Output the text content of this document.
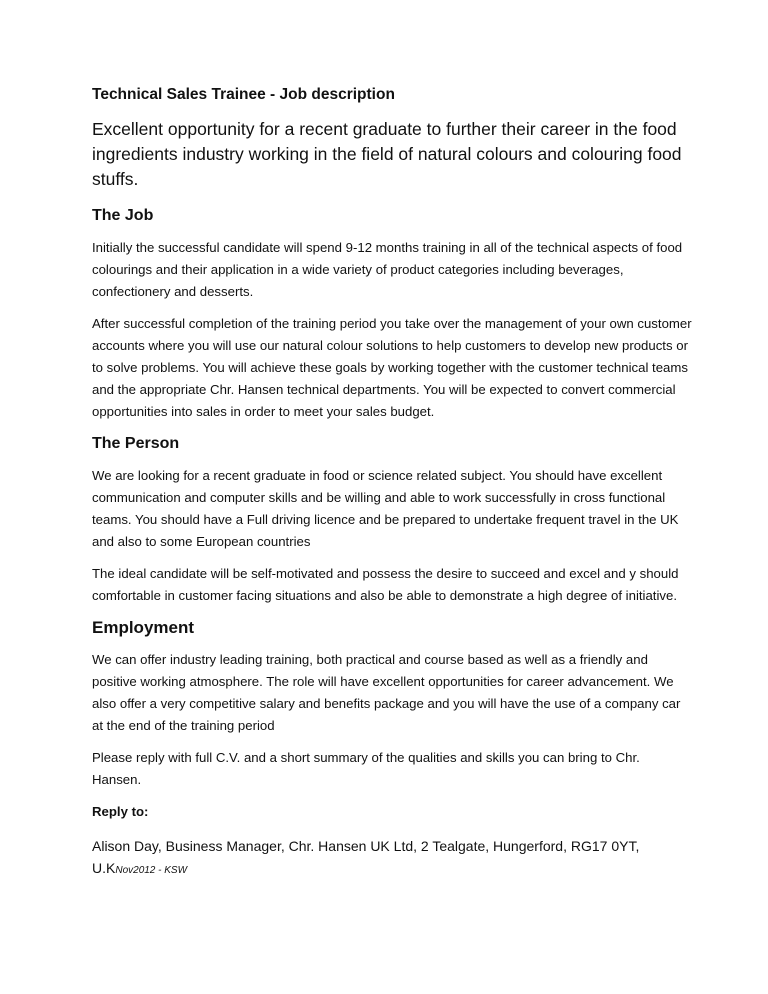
Technical Sales Trainee - Job description

Excellent opportunity for a recent graduate to further their career in the food ingredients industry working in the field of natural colours and colouring food stuffs.

The Job

Initially the successful candidate will spend 9-12 months training in all of the technical aspects of food colourings and their application in a wide variety of product categories including beverages, confectionery and desserts.

After successful completion of the training period you take over the management of your own customer accounts where you will use our natural colour solutions to help customers to develop new products or to solve problems. You will achieve these goals by working together with the customer technical teams and the appropriate Chr. Hansen technical departments. You will be expected to convert commercial opportunities into sales in order to meet your sales budget.

The Person

We are looking for a recent graduate in food or science related subject. You should have excellent communication and computer skills and be willing and able to work successfully in cross functional teams. You should have a Full driving licence and be prepared to undertake frequent travel in the UK and also to some European countries

The ideal candidate will be self-motivated and possess the desire to succeed and excel and y should comfortable in customer facing situations and also be able to demonstrate a high degree of initiative.

Employment

We can offer industry leading training, both practical and course based as well as a friendly and positive working atmosphere. The role will have excellent opportunities for career advancement. We also offer a very competitive salary and benefits package and you will have the use of a company car at the end of the training period

Please reply with full C.V. and a short summary of the qualities and skills you can bring to Chr. Hansen.

Reply to:

Alison Day, Business Manager, Chr. Hansen UK Ltd, 2 Tealgate, Hungerford, RG17 0YT, U.KNov2012 - KSW
